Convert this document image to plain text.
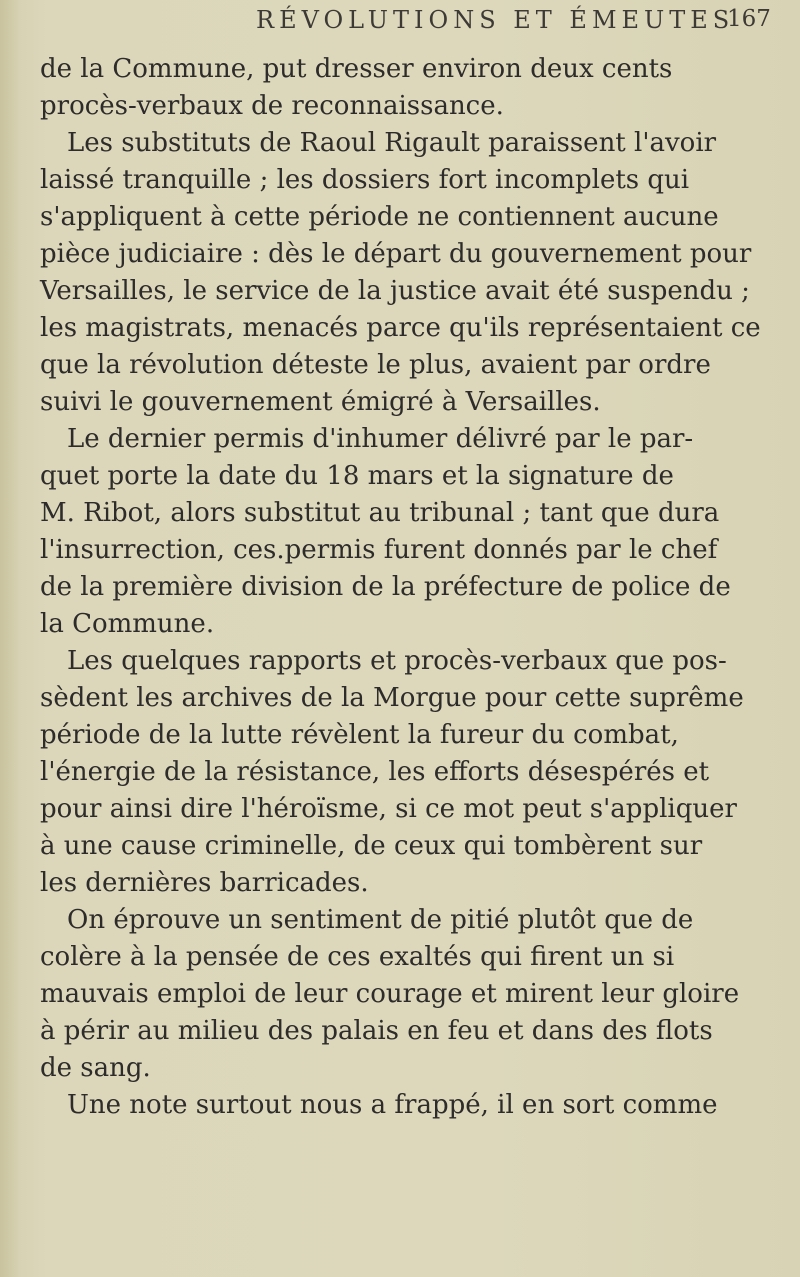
RÉVOLUTIONS ET ÉMEUTES
167
de la Commune, put dresser environ deux cents
procès-verbaux de reconnaissance.
Les substituts de Raoul Rigault paraissent l'avoir
laissé tranquille ; les dossiers fort incomplets qui
s'appliquent à cette période ne contiennent aucune
pièce judiciaire : dès le départ du gouvernement pour
Versailles, le service de la justice avait été suspendu ;
les magistrats, menacés parce qu'ils représentaient ce
que la révolution déteste le plus, avaient par ordre
suivi le gouvernement émigré à Versailles.
Le dernier permis d'inhumer délivré par le par-
quet porte la date du 18 mars et la signature de
M. Ribot, alors substitut au tribunal ; tant que dura
l'insurrection, ces.permis furent donnés par le chef
de la première division de la préfecture de police de
la Commune.
Les quelques rapports et procès-verbaux que pos-
sèdent les archives de la Morgue pour cette suprême
période de la lutte révèlent la fureur du combat,
l'énergie de la résistance, les efforts désespérés et
pour ainsi dire l'héroïsme, si ce mot peut s'appliquer
à une cause criminelle, de ceux qui tombèrent sur
les dernières barricades.
On éprouve un sentiment de pitié plutôt que de
colère à la pensée de ces exaltés qui firent un si
mauvais emploi de leur courage et mirent leur gloire
à périr au milieu des palais en feu et dans des flots
de sang.
Une note surtout nous a frappé, il en sort comme
